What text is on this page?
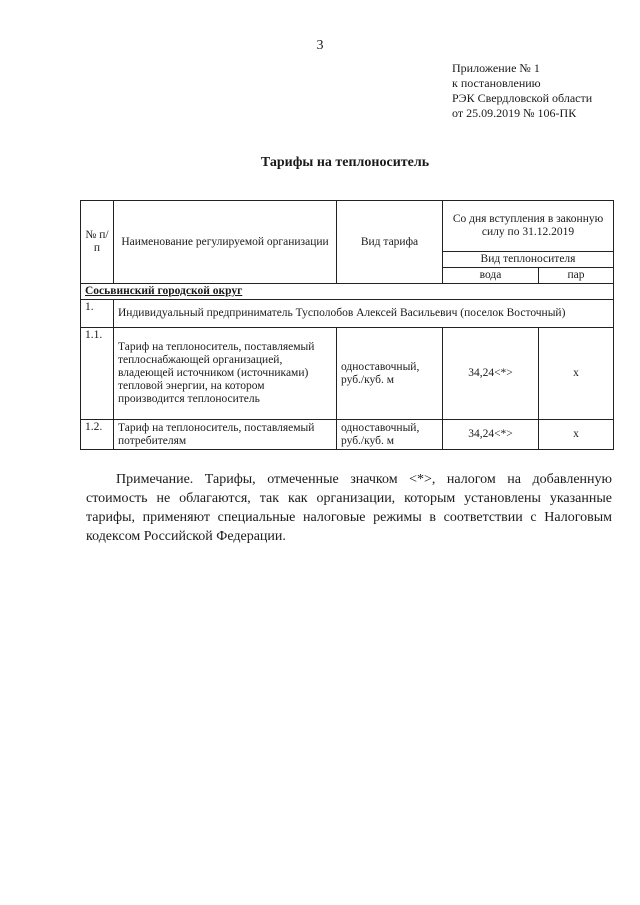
3
Приложение № 1
к постановлению
РЭК Свердловской области
от 25.09.2019 № 106-ПК
Тарифы на теплоноситель
№ п/п	Наименование регулируемой организации	Вид тарифа	Со дня вступления в законную силу по 31.12.2019	
			Вид теплоносителя	
			вода	пар
Сосьвинский городской округ				
1.	Индивидуальный предприниматель Тусполобов Алексей Васильевич (поселок Восточный)			
1.1.	Тариф на теплоноситель, поставляемый теплоснабжающей организацией, владеющей источником (источниками) тепловой энергии, на котором производится теплоноситель	одноставочный, руб./куб. м	34,24<*>	х
1.2.	Тариф на теплоноситель, поставляемый потребителям	одноставочный, руб./куб. м	34,24<*>	х
Примечание. Тарифы, отмеченные значком <*>, налогом на добавленную стоимость не облагаются, так как организации, которым установлены указанные тарифы, применяют специальные налоговые режимы в соответствии с Налоговым кодексом Российской Федерации.
